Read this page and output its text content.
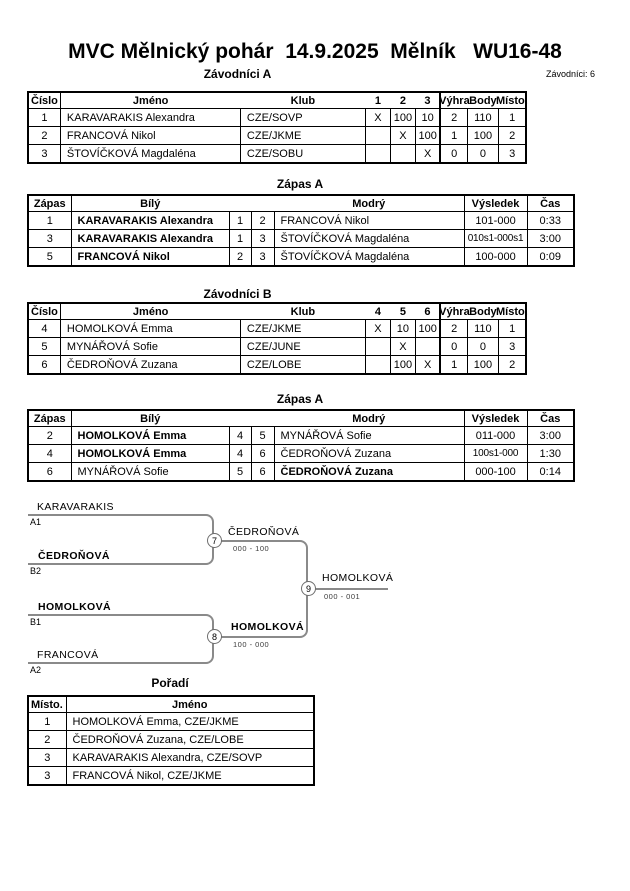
MVC Mělnický pohár  14.9.2025  Mělník   WU16-48
Závodníci: 6
Závodníci A
Číslo	Jméno	Klub	1	2	3	Výhra	Body	Místo.

1	KARAVARAKIS Alexandra	CZE/SOVP	X	100	10	2	110	1
2	FRANCOVÁ Nikol	CZE/JKME		X	100	1	100	2
3	ŠTOVÍČKOVÁ Magdaléna	CZE/SOBU			X	0	0	3
Zápas A
Zápas	Bílý			Modrý	Výsledek	Čas
1	KARAVARAKIS Alexandra	1	2	FRANCOVÁ Nikol	101-000	0:33
3	KARAVARAKIS Alexandra	1	3	ŠTOVÍČKOVÁ Magdaléna	010s1-000s1	3:00
5	FRANCOVÁ Nikol	2	3	ŠTOVÍČKOVÁ Magdaléna	100-000	0:09
Závodníci B
Číslo	Jméno	Klub	4	5	6	Výhra	Body	Místo.

4	HOMOLKOVÁ Emma	CZE/JKME	X	10	100	2	110	1
5	MYNÁŘOVÁ Sofie	CZE/JUNE		X		0	0	3
6	ČEDROŇOVÁ Zuzana	CZE/LOBE		100	X	1	100	2
Zápas A
Zápas	Bílý			Modrý	Výsledek	Čas
2	HOMOLKOVÁ Emma	4	5	MYNÁŘOVÁ Sofie	011-000	3:00
4	HOMOLKOVÁ Emma	4	6	ČEDROŇOVÁ Zuzana	100s1-000	1:30
6	MYNÁŘOVÁ Sofie	5	6	ČEDROŇOVÁ Zuzana	000-100	0:14
KARAVARAKIS
A1
ČEDROŇOVÁ
B2
HOMOLKOVÁ
B1
FRANCOVÁ
A2
7
8
9
ČEDROŇOVÁ
000 - 100
HOMOLKOVÁ
100 - 000
HOMOLKOVÁ
000 - 001
Pořadí
Místo.	Jméno
1	HOMOLKOVÁ Emma, CZE/JKME
2	ČEDROŇOVÁ Zuzana, CZE/LOBE
3	KARAVARAKIS Alexandra, CZE/SOVP
3	FRANCOVÁ Nikol, CZE/JKME
